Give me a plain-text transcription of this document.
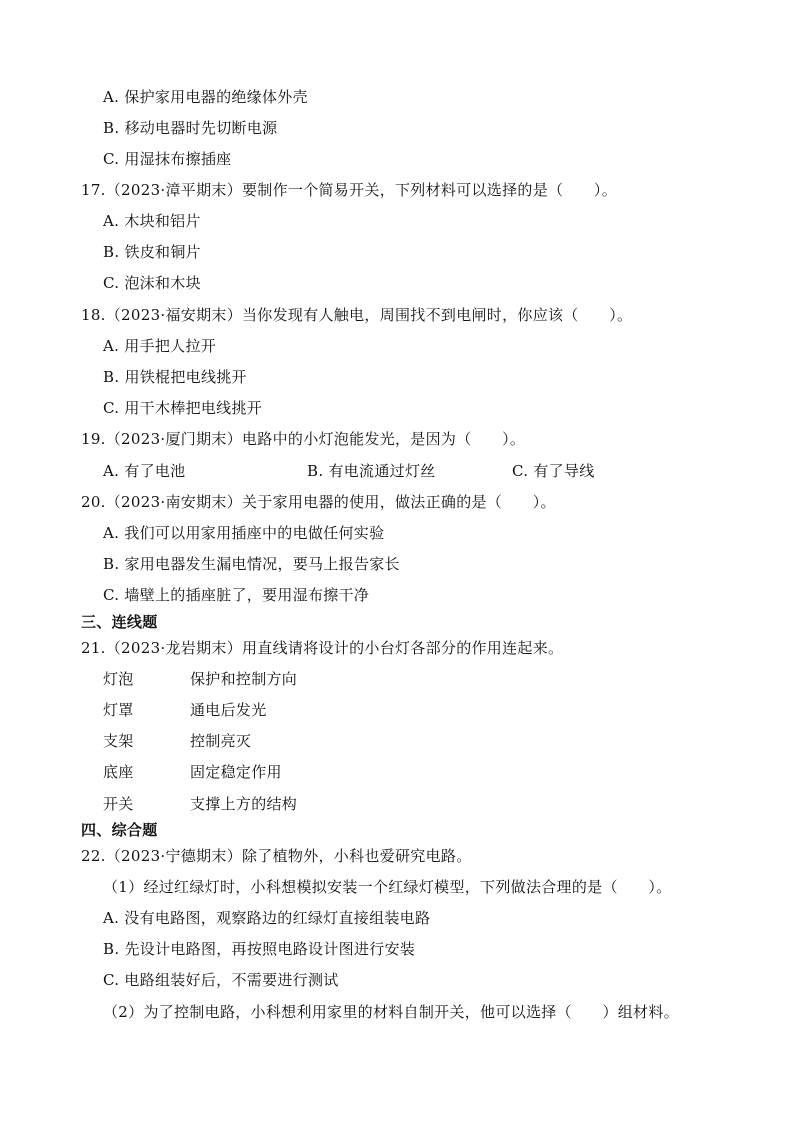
A. 保护家用电器的绝缘体外壳
B. 移动电器时先切断电源
C. 用湿抹布擦插座
17.（2023·漳平期末）要制作一个简易开关，下列材料可以选择的是（　　）。
A. 木块和铝片
B. 铁皮和铜片
C. 泡沫和木块
18.（2023·福安期末）当你发现有人触电，周围找不到电闸时，你应该（　　）。
A. 用手把人拉开
B. 用铁棍把电线挑开
C. 用干木棒把电线挑开
19.（2023·厦门期末）电路中的小灯泡能发光，是因为（　　）。
A. 有了电池	B. 有电流通过灯丝	C. 有了导线
20.（2023·南安期末）关于家用电器的使用，做法正确的是（　　）。
A. 我们可以用家用插座中的电做任何实验
B. 家用电器发生漏电情况，要马上报告家长
C. 墙壁上的插座脏了，要用湿布擦干净
三、连线题
21.（2023·龙岩期末）用直线请将设计的小台灯各部分的作用连起来。
灯泡	保护和控制方向
灯罩	通电后发光
支架	控制亮灭
底座	固定稳定作用
开关	支撑上方的结构
四、综合题
22.（2023·宁德期末）除了植物外，小科也爱研究电路。
（1）经过红绿灯时，小科想模拟安装一个红绿灯模型，下列做法合理的是（　　）。
A. 没有电路图，观察路边的红绿灯直接组装电路
B. 先设计电路图，再按照电路设计图进行安装
C. 电路组装好后，不需要进行测试
（2）为了控制电路，小科想利用家里的材料自制开关，他可以选择（　　）组材料。
